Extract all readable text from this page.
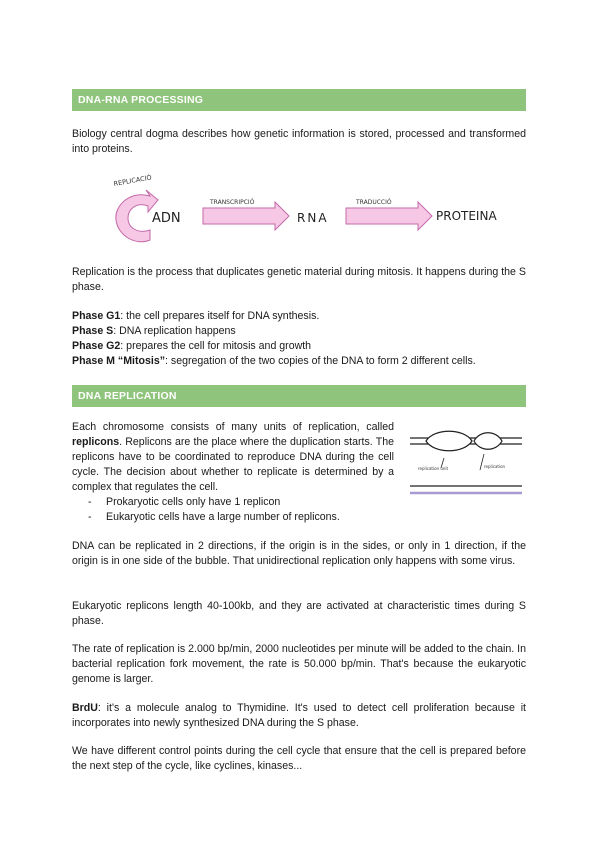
DNA-RNA PROCESSING

Biology central dogma describes how genetic information is stored, processed and transformed into proteins.

REPLICACIÓ
ADN
TRANSCRIPCIÓ
RNA
TRADUCCIÓ
PROTEINA

Replication is the process that duplicates genetic material during mitosis. It happens during the S phase.

Phase G1: the cell prepares itself for DNA synthesis.
Phase S: DNA replication happens
Phase G2: prepares the cell for mitosis and growth
Phase M “Mitosis”: segregation of the two copies of the DNA to form 2 different cells.
DNA REPLICATION

Each chromosome consists of many units of replication, called replicons. Replicons are the place where the duplication starts. The replicons have to be coordinated to reproduce DNA during the cell cycle. The decision about whether to replicate is determined by a complex that regulates the cell.

-	Prokaryotic cells only have 1 replicon
-	Eukaryotic cells have a large number of replicons.
replication unit	replication

DNA can be replicated in 2 directions, if the origin is in the sides, or only in 1 direction, if the origin is in one side of the bubble. That unidirectional replication only happens with some virus.

Eukaryotic replicons length 40-100kb, and they are activated at characteristic times during S phase.

The rate of replication is 2.000 bp/min, 2000 nucleotides per minute will be added to the chain. In bacterial replication fork movement, the rate is 50.000 bp/min. That's because the eukaryotic genome is larger.

BrdU: it's a molecule analog to Thymidine. It's used to detect cell proliferation because it incorporates into newly synthesized DNA during the S phase.

We have different control points during the cell cycle that ensure that the cell is prepared before the next step of the cycle, like cyclines, kinases...
